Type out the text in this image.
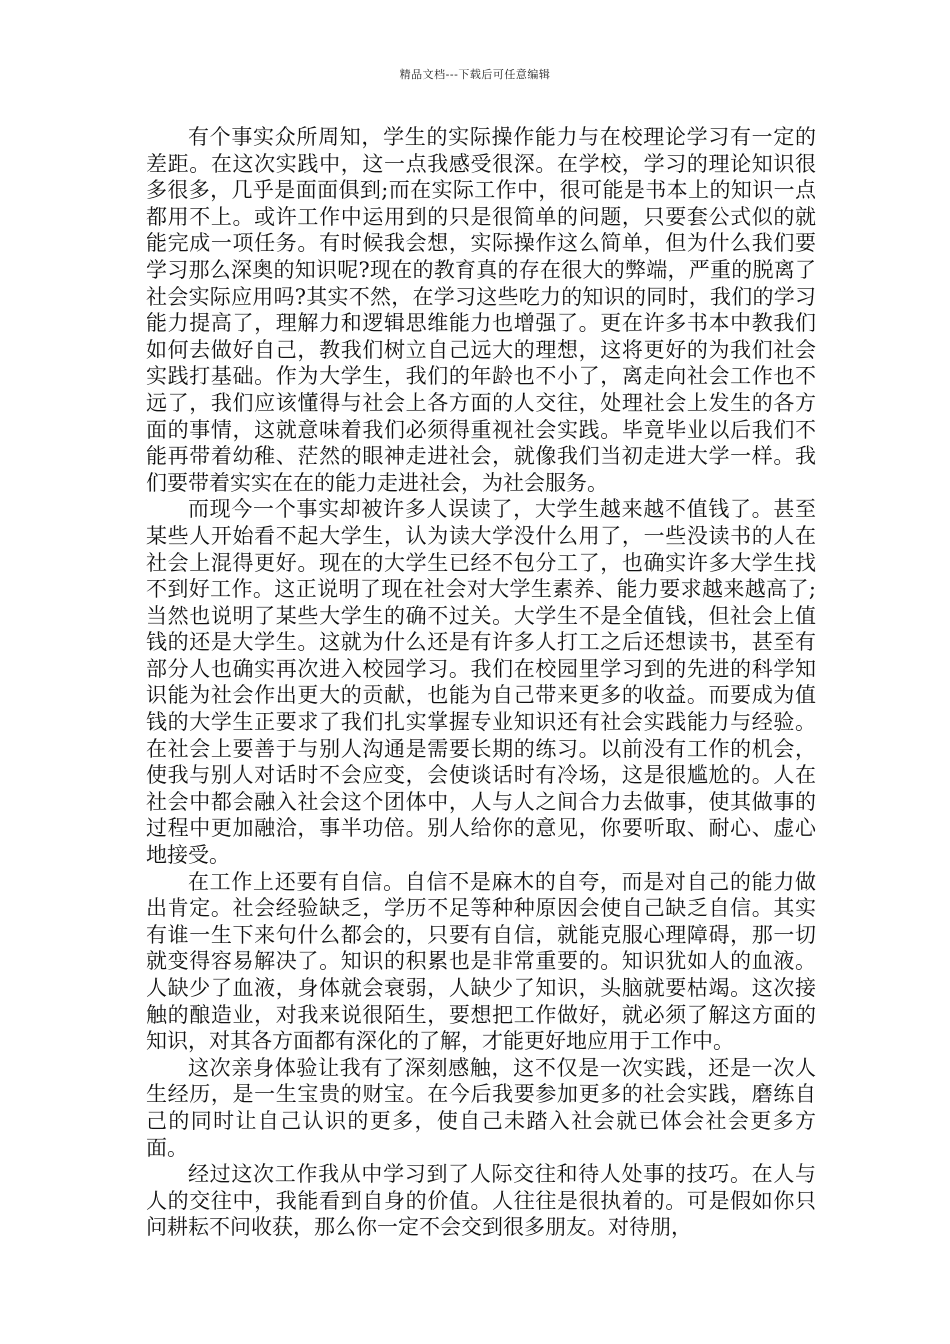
精品文档---下载后可任意编辑

有个事实众所周知，学生的实际操作能力与在校理论学习有一定的差距。在这次实践中，这一点我感受很深。在学校，学习的理论知识很多很多，几乎是面面俱到;而在实际工作中，很可能是书本上的知识一点都用不上。或许工作中运用到的只是很简单的问题，只要套公式似的就能完成一项任务。有时候我会想，实际操作这么简单，但为什么我们要学习那么深奥的知识呢?现在的教育真的存在很大的弊端，严重的脱离了社会实际应用吗?其实不然，在学习这些吃力的知识的同时，我们的学习能力提高了，理解力和逻辑思维能力也增强了。更在许多书本中教我们如何去做好自己，教我们树立自己远大的理想，这将更好的为我们社会实践打基础。作为大学生，我们的年龄也不小了，离走向社会工作也不远了，我们应该懂得与社会上各方面的人交往，处理社会上发生的各方面的事情，这就意味着我们必须得重视社会实践。毕竟毕业以后我们不能再带着幼稚、茫然的眼神走进社会，就像我们当初走进大学一样。我们要带着实实在在的能力走进社会，为社会服务。

而现今一个事实却被许多人误读了，大学生越来越不值钱了。甚至某些人开始看不起大学生，认为读大学没什么用了，一些没读书的人在社会上混得更好。现在的大学生已经不包分工了，也确实许多大学生找不到好工作。这正说明了现在社会对大学生素养、能力要求越来越高了;当然也说明了某些大学生的确不过关。大学生不是全值钱，但社会上值钱的还是大学生。这就为什么还是有许多人打工之后还想读书，甚至有部分人也确实再次进入校园学习。我们在校园里学习到的先进的科学知识能为社会作出更大的贡献，也能为自己带来更多的收益。而要成为值钱的大学生正要求了我们扎实掌握专业知识还有社会实践能力与经验。在社会上要善于与别人沟通是需要长期的练习。以前没有工作的机会，使我与别人对话时不会应变，会使谈话时有冷场，这是很尴尬的。人在社会中都会融入社会这个团体中，人与人之间合力去做事，使其做事的过程中更加融洽，事半功倍。别人给你的意见，你要听取、耐心、虚心地接受。

在工作上还要有自信。自信不是麻木的自夸，而是对自己的能力做出肯定。社会经验缺乏，学历不足等种种原因会使自己缺乏自信。其实有谁一生下来句什么都会的，只要有自信，就能克服心理障碍，那一切就变得容易解决了。知识的积累也是非常重要的。知识犹如人的血液。人缺少了血液，身体就会衰弱，人缺少了知识，头脑就要枯竭。这次接触的酿造业，对我来说很陌生，要想把工作做好，就必须了解这方面的知识，对其各方面都有深化的了解，才能更好地应用于工作中。

这次亲身体验让我有了深刻感触，这不仅是一次实践，还是一次人生经历，是一生宝贵的财宝。在今后我要参加更多的社会实践，磨练自己的同时让自己认识的更多，使自己未踏入社会就已体会社会更多方面。

经过这次工作我从中学习到了人际交往和待人处事的技巧。在人与人的交往中，我能看到自身的价值。人往往是很执着的。可是假如你只问耕耘不问收获，那么你一定不会交到很多朋友。对待朋，
